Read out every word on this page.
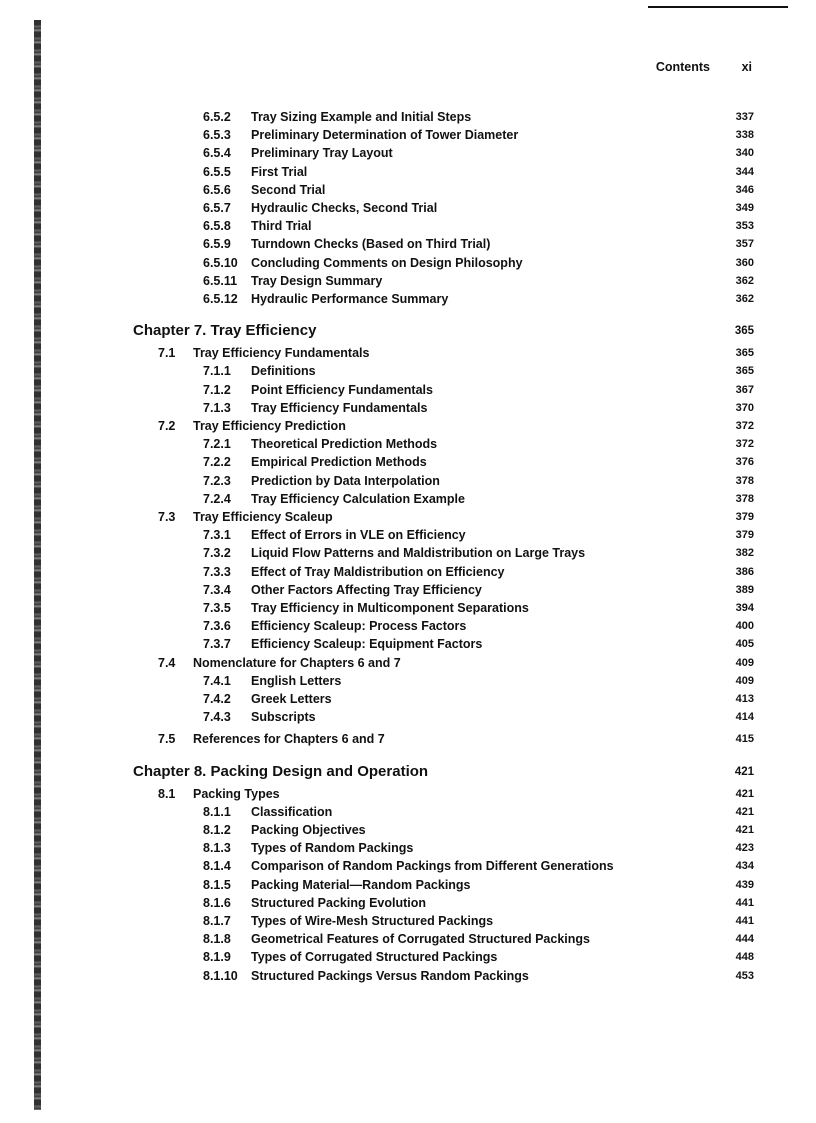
Contents	xi
6.5.2 Tray Sizing Example and Initial Steps	337
6.5.3 Preliminary Determination of Tower Diameter	338
6.5.4 Preliminary Tray Layout	340
6.5.5 First Trial	344
6.5.6 Second Trial	346
6.5.7 Hydraulic Checks, Second Trial	349
6.5.8 Third Trial	353
6.5.9 Turndown Checks (Based on Third Trial)	357
6.5.10 Concluding Comments on Design Philosophy	360
6.5.11 Tray Design Summary	362
6.5.12 Hydraulic Performance Summary	362
Chapter 7. Tray Efficiency	365
7.1 Tray Efficiency Fundamentals	365
7.1.1 Definitions	365
7.1.2 Point Efficiency Fundamentals	367
7.1.3 Tray Efficiency Fundamentals	370
7.2 Tray Efficiency Prediction	372
7.2.1 Theoretical Prediction Methods	372
7.2.2 Empirical Prediction Methods	376
7.2.3 Prediction by Data Interpolation	378
7.2.4 Tray Efficiency Calculation Example	378
7.3 Tray Efficiency Scaleup	379
7.3.1 Effect of Errors in VLE on Efficiency	379
7.3.2 Liquid Flow Patterns and Maldistribution on Large Trays	382
7.3.3 Effect of Tray Maldistribution on Efficiency	386
7.3.4 Other Factors Affecting Tray Efficiency	389
7.3.5 Tray Efficiency in Multicomponent Separations	394
7.3.6 Efficiency Scaleup: Process Factors	400
7.3.7 Efficiency Scaleup: Equipment Factors	405
7.4 Nomenclature for Chapters 6 and 7	409
7.4.1 English Letters	409
7.4.2 Greek Letters	413
7.4.3 Subscripts	414
7.5 References for Chapters 6 and 7	415
Chapter 8. Packing Design and Operation	421
8.1 Packing Types	421
8.1.1 Classification	421
8.1.2 Packing Objectives	421
8.1.3 Types of Random Packings	423
8.1.4 Comparison of Random Packings from Different Generations	434
8.1.5 Packing Material—Random Packings	439
8.1.6 Structured Packing Evolution	441
8.1.7 Types of Wire-Mesh Structured Packings	441
8.1.8 Geometrical Features of Corrugated Structured Packings	444
8.1.9 Types of Corrugated Structured Packings	448
8.1.10 Structured Packings Versus Random Packings	453
